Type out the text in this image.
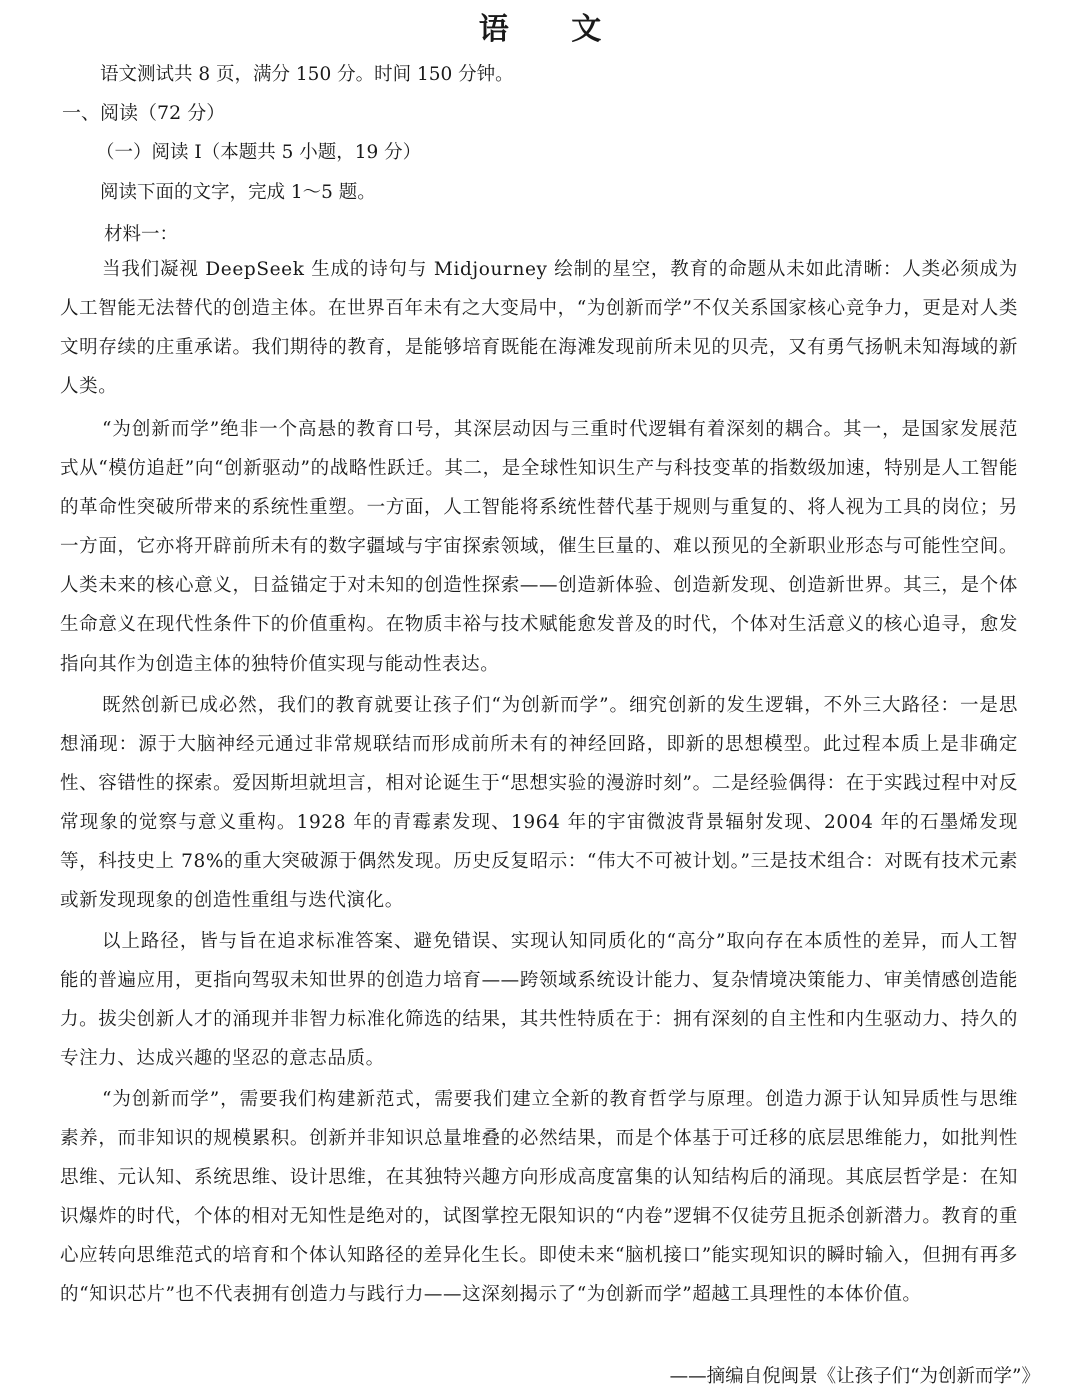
语 文
语文测试共 8 页，满分 150 分。时间 150 分钟。
一、阅读（72 分）
（一）阅读 I（本题共 5 小题，19 分）
阅读下面的文字，完成 1～5 题。
材料一：

当我们凝视 DeepSeek 生成的诗句与 Midjourney 绘制的星空，教育的命题从未如此清晰：人类必须成为人工智能无法替代的创造主体。在世界百年未有之大变局中，“为创新而学”不仅关系国家核心竞争力，更是对人类文明存续的庄重承诺。我们期待的教育，是能够培育既能在海滩发现前所未见的贝壳，又有勇气扬帆未知海域的新人类。

“为创新而学”绝非一个高悬的教育口号，其深层动因与三重时代逻辑有着深刻的耦合。其一，是国家发展范式从“模仿追赶”向“创新驱动”的战略性跃迁。其二，是全球性知识生产与科技变革的指数级加速，特别是人工智能的革命性突破所带来的系统性重塑。一方面，人工智能将系统性替代基于规则与重复的、将人视为工具的岗位；另一方面，它亦将开辟前所未有的数字疆域与宇宙探索领域，催生巨量的、难以预见的全新职业形态与可能性空间。人类未来的核心意义，日益锚定于对未知的创造性探索——创造新体验、创造新发现、创造新世界。其三，是个体生命意义在现代性条件下的价值重构。在物质丰裕与技术赋能愈发普及的时代，个体对生活意义的核心追寻，愈发指向其作为创造主体的独特价值实现与能动性表达。

既然创新已成必然，我们的教育就要让孩子们“为创新而学”。细究创新的发生逻辑，不外三大路径：一是思想涌现：源于大脑神经元通过非常规联结而形成前所未有的神经回路，即新的思想模型。此过程本质上是非确定性、容错性的探索。爱因斯坦就坦言，相对论诞生于“思想实验的漫游时刻”。二是经验偶得：在于实践过程中对反常现象的觉察与意义重构。1928 年的青霉素发现、1964 年的宇宙微波背景辐射发现、2004 年的石墨烯发现等，科技史上 78%的重大突破源于偶然发现。历史反复昭示：“伟大不可被计划。”三是技术组合：对既有技术元素或新发现现象的创造性重组与迭代演化。

以上路径，皆与旨在追求标准答案、避免错误、实现认知同质化的“高分”取向存在本质性的差异，而人工智能的普遍应用，更指向驾驭未知世界的创造力培育——跨领域系统设计能力、复杂情境决策能力、审美情感创造能力。拔尖创新人才的涌现并非智力标准化筛选的结果，其共性特质在于：拥有深刻的自主性和内生驱动力、持久的专注力、达成兴趣的坚忍的意志品质。

“为创新而学”，需要我们构建新范式，需要我们建立全新的教育哲学与原理。创造力源于认知异质性与思维素养，而非知识的规模累积。创新并非知识总量堆叠的必然结果，而是个体基于可迁移的底层思维能力，如批判性思维、元认知、系统思维、设计思维，在其独特兴趣方向形成高度富集的认知结构后的涌现。其底层哲学是：在知识爆炸的时代，个体的相对无知性是绝对的，试图掌控无限知识的“内卷”逻辑不仅徒劳且扼杀创新潜力。教育的重心应转向思维范式的培育和个体认知路径的差异化生长。即使未来“脑机接口”能实现知识的瞬时输入，但拥有再多的“知识芯片”也不代表拥有创造力与践行力——这深刻揭示了“为创新而学”超越工具理性的本体价值。

——摘编自倪闽景《让孩子们“为创新而学”》
